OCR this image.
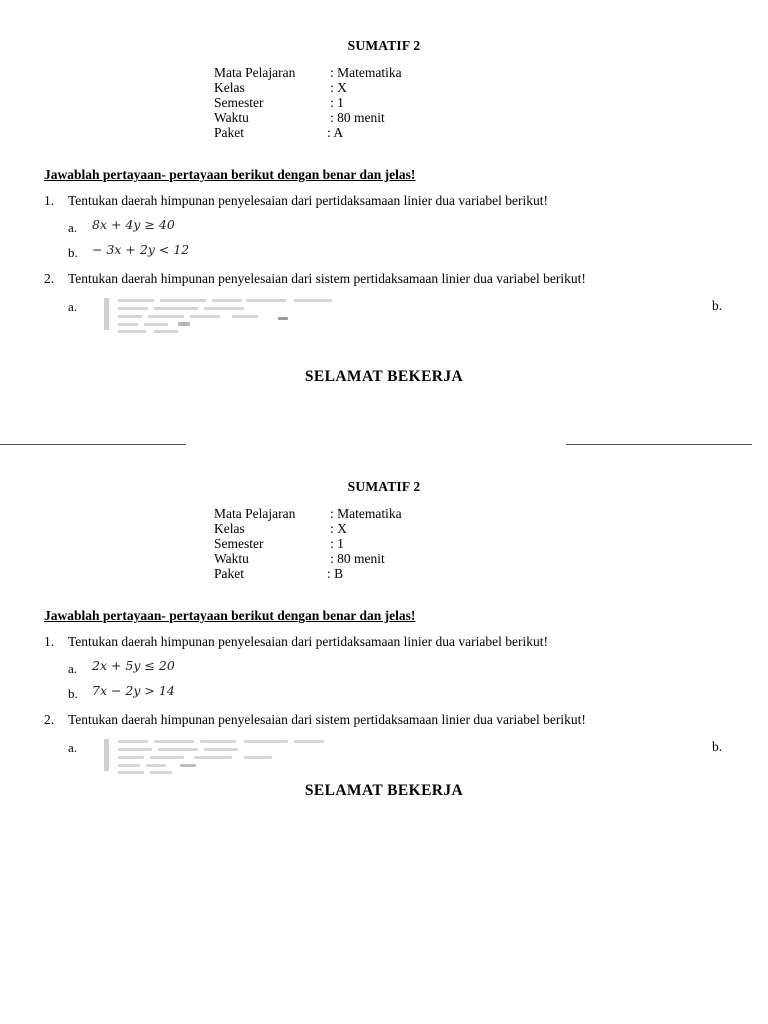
SUMATIF 2
Mata Pelajaran	: Matematika
Kelas	: X
Semester	: 1
Waktu	: 80 menit
Paket	: A
Jawablah pertayaan- pertayaan berikut dengan benar dan jelas!
1. Tentukan daerah himpunan penyelesaian dari pertidaksamaan linier dua variabel berikut!
a. 8x + 4y ≥ 40
b. − 3x + 2y < 12
2. Tentukan daerah himpunan penyelesaian dari sistem pertidaksamaan linier dua variabel berikut!
a.	b.
SELAMAT BEKERJA
SUMATIF 2
Mata Pelajaran	: Matematika
Kelas	: X
Semester	: 1
Waktu	: 80 menit
Paket	: B
Jawablah pertayaan- pertayaan berikut dengan benar dan jelas!
1. Tentukan daerah himpunan penyelesaian dari pertidaksamaan linier dua variabel berikut!
a. 2x + 5y ≤ 20
b. 7x − 2y > 14
2. Tentukan daerah himpunan penyelesaian dari sistem pertidaksamaan linier dua variabel berikut!
a.	b.
SELAMAT BEKERJA
